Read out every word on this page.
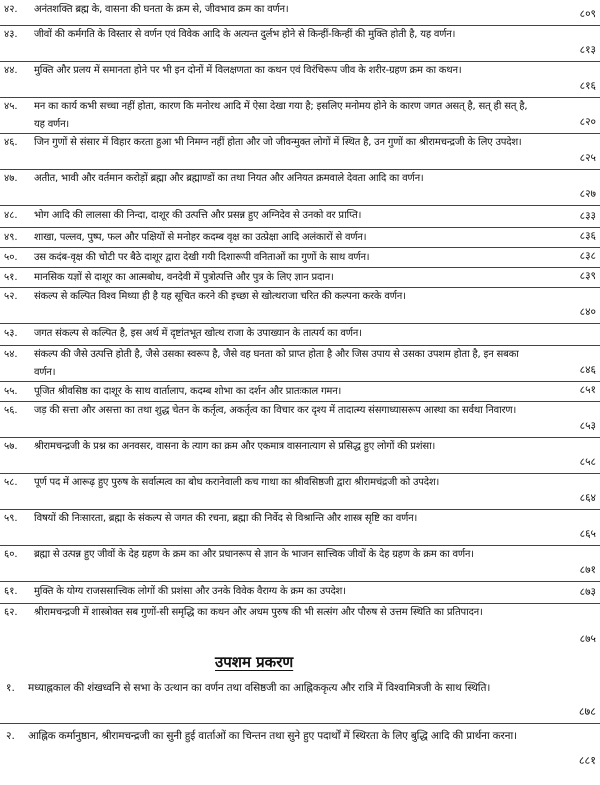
४२.	अनंतशक्ति ब्रह्म के, वासना की घनता के क्रम से, जीवभाव क्रम का वर्णन।	८०९
४३.	जीवों की कर्मगति के विस्तार से वर्णन एवं विवेक आदि के अत्यन्त दुर्लभ होने से किन्हीं-किन्हीं की मुक्ति होती है, यह वर्णन।
८१३
४४.	मुक्ति और प्रलय में समानता होने पर भी इन दोनों में विलक्षणता का कथन एवं विरंचिरूप जीव के शरीर-ग्रहण क्रम का कथन।
८१६
४५.	मन का कार्य कभी सच्चा नहीं होता, कारण कि मनोरथ आदि में ऐसा देखा गया है; इसलिए मनोमय होने के कारण जगत असत् है, सत् ही सत् है, यह वर्णन।	८२०
४६.	जिन गुणों से संसार में विहार करता हुआ भी निमग्न नहीं होता और जो जीवन्मुक्त लोगों में स्थित है, उन गुणों का श्रीरामचन्द्रजी के लिए उपदेश।
८२५
४७.	अतीत, भावी और वर्तमान करोड़ों ब्रह्मा और ब्रह्माण्डों का तथा नियत और अनियत क्रमवाले देवता आदि का वर्णन।
८२७
४८.	भोग आदि की लालसा की निन्दा, दाशूर की उत्पत्ति और प्रसन्न हुए अग्निदेव से उनको वर प्राप्ति।	८३३
४९.	शाखा, पल्लव, पुष्प, फल और पक्षियों से मनोहर कदम्ब वृक्ष का उत्प्रेक्षा आदि अलंकारों से वर्णन।	८३६
५०.	उस कदंब-वृक्ष की चोटी पर बैठे दाशूर द्वारा देखी गयी दिशारूपी वनिताओं का गुणों के साथ वर्णन।	८३८
५१.	मानसिक यज्ञों से दाशूर का आत्मबोध, वनदेवी में पुत्रोत्पत्ति और पुत्र के लिए ज्ञान प्रदान।	८३९
५२.	संकल्प से कल्पित विश्व मिथ्या ही है यह सूचित करने की इच्छा से खोत्थराजा चरित की कल्पना करके वर्णन।
८४०
५३.	जगत संकल्प से कल्पित है, इस अर्थ में दृष्टांतभूत खोत्थ राजा के उपाख्यान के तात्पर्य का वर्णन।
५४.	संकल्प की जैसे उत्पत्ति होती है, जैसे उसका स्वरूप है, जैसे वह घनता को प्राप्त होता है और जिस उपाय से उसका उपशम होता है, इन सबका वर्णन।	८४६
५५.	पूजित श्रीवसिष्ठ का दाशूर के साथ वार्तालाप, कदम्ब शोभा का दर्शन और प्रातःकाल गमन।	८५१
५६.	जड़ की सत्ता और असत्ता का तथा शुद्ध चेतन के कर्तृत्व, अकर्तृत्व का विचार कर दृश्य में तादात्म्य संसगाध्यासरूप आस्था का सर्वथा निवारण।
८५३
५७.	श्रीरामचन्द्रजी के प्रश्न का अनवसर, वासना के त्याग का क्रम और एकमात्र वासनात्याग से प्रसिद्ध हुए लोगों की प्रशंसा।
८५८
५८.	पूर्ण पद में आरूढ़ हुए पुरुष के सर्वात्मत्व का बोध करानेवाली कच गाथा का श्रीवसिष्ठजी द्वारा श्रीरामचंद्रजी को उपदेश।
८६४
५९.	विषयों की निःसारता, ब्रह्मा के संकल्प से जगत की रचना, ब्रह्मा की निर्वेद से विश्रान्ति और शास्त्र सृष्टि का वर्णन।
८६५
६०.	ब्रह्मा से उत्पन्न हुए जीवों के देह ग्रहण के क्रम का और प्रधानरूप से ज्ञान के भाजन सात्त्विक जीवों के देह ग्रहण के क्रम का वर्णन।
८७१
६१.	मुक्ति के योग्य राजससात्त्विक लोगों की प्रशंसा और उनके विवेक वैराग्य के क्रम का उपदेश।	८७३
६२.	श्रीरामचन्द्रजी में शास्त्रोक्त सब गुणों-सी समृद्धि का कथन और अधम पुरुष की भी सत्संग और पौरुष से उत्तम स्थिति का प्रतिपादन।
८७५
उपशम प्रकरण
१.	मध्याह्नकाल की शंखध्वनि से सभा के उत्थान का वर्णन तथा वसिष्ठजी का आह्निककृत्य और रात्रि में विश्वामित्रजी के साथ स्थिति।
८७८
२.	आह्निक कर्मानुष्ठान, श्रीरामचन्द्रजी का सुनी हुई वार्ताओं का चिन्तन तथा सुने हुए पदार्थों में स्थिरता के लिए बुद्धि आदि की प्रार्थना करना।
८८१
